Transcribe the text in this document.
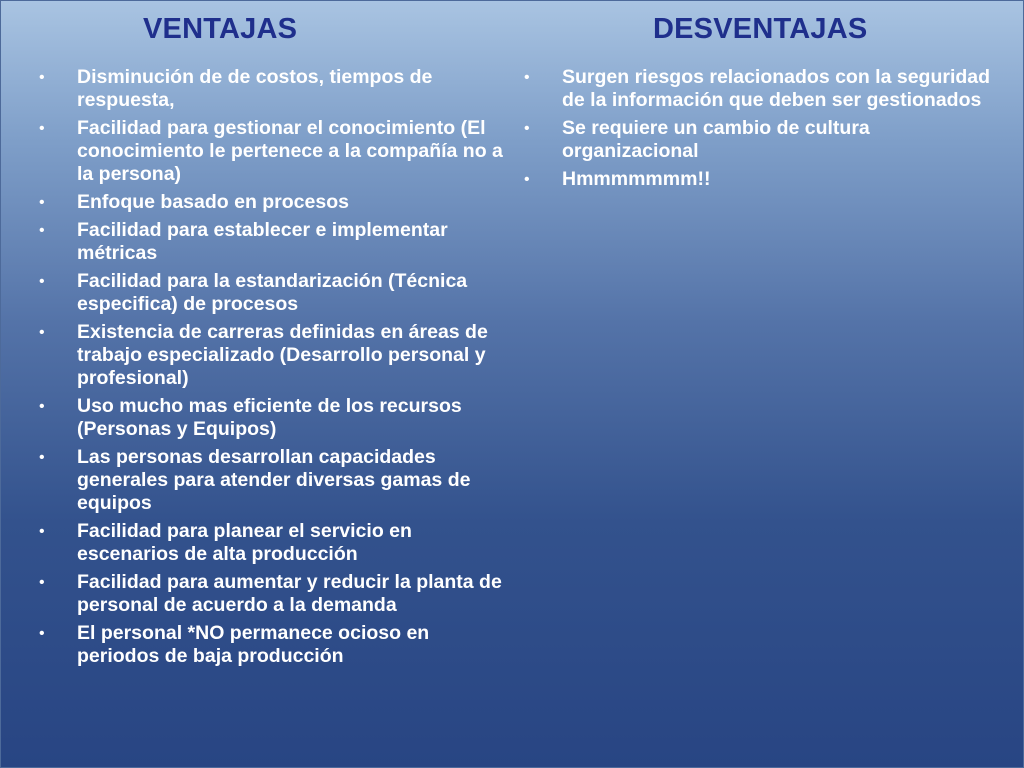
VENTAJAS	DESVENTAJAS
• Disminución de de costos, tiempos de respuesta,
• Facilidad para gestionar el conocimiento (El conocimiento le pertenece a la compañía no a la persona)
• Enfoque basado en procesos
• Facilidad para establecer e implementar métricas
• Facilidad para la estandarización (Técnica especifica) de procesos
• Existencia de carreras definidas en áreas de trabajo especializado (Desarrollo personal y profesional)
• Uso mucho mas eficiente de los recursos (Personas y Equipos)
• Las personas desarrollan capacidades generales para atender diversas gamas de equipos
• Facilidad para planear el servicio en escenarios de alta producción
• Facilidad para aumentar y reducir la planta de personal de acuerdo a la demanda
• El personal *NO permanece ocioso en periodos de baja producción
• Surgen riesgos relacionados con la seguridad de la información que deben ser gestionados
• Se requiere un cambio de cultura organizacional
• Hmmmmmmm!!
